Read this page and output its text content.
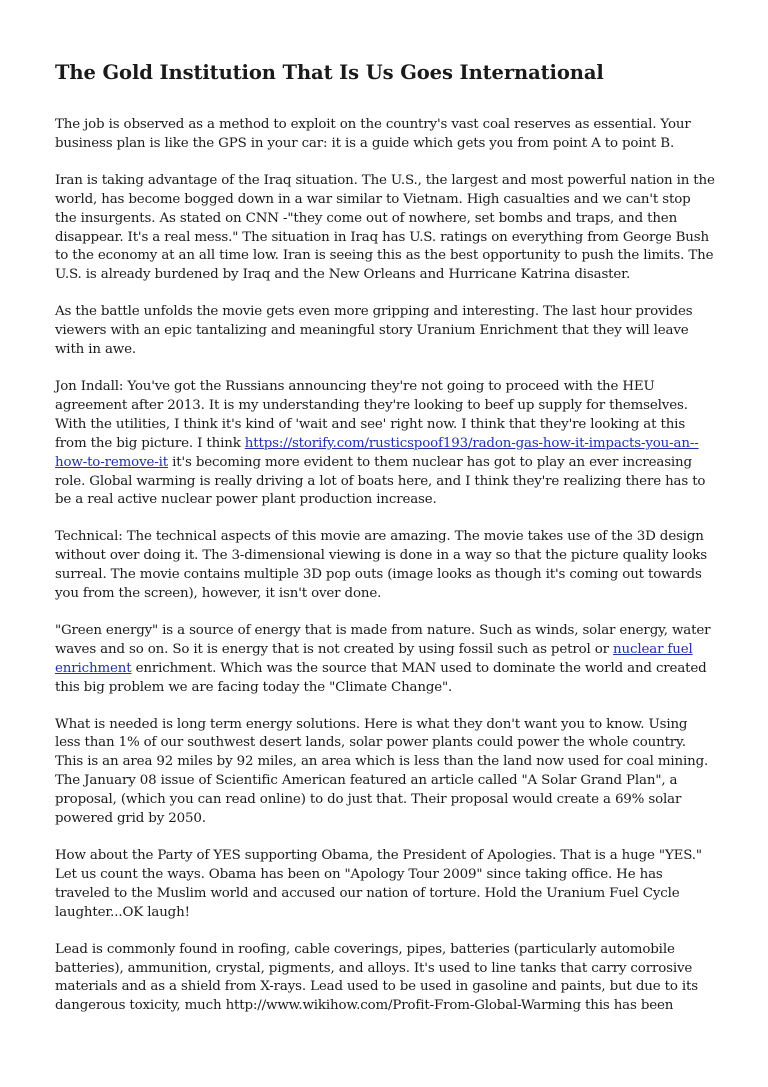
The Gold Institution That Is Us Goes International

The job is observed as a method to exploit on the country's vast coal reserves as essential. Your business plan is like the GPS in your car: it is a guide which gets you from point A to point B.

Iran is taking advantage of the Iraq situation. The U.S., the largest and most powerful nation in the world, has become bogged down in a war similar to Vietnam. High casualties and we can't stop the insurgents. As stated on CNN -"they come out of nowhere, set bombs and traps, and then disappear. It's a real mess." The situation in Iraq has U.S. ratings on everything from George Bush to the economy at an all time low. Iran is seeing this as the best opportunity to push the limits. The U.S. is already burdened by Iraq and the New Orleans and Hurricane Katrina disaster.

As the battle unfolds the movie gets even more gripping and interesting. The last hour provides viewers with an epic tantalizing and meaningful story Uranium Enrichment that they will leave with in awe.

Jon Indall: You've got the Russians announcing they're not going to proceed with the HEU agreement after 2013. It is my understanding they're looking to beef up supply for themselves. With the utilities, I think it's kind of 'wait and see' right now. I think that they're looking at this from the big picture. I think https://storify.com/rusticspoof193/radon-gas-how-it-impacts-you-an--how-to-remove-it it's becoming more evident to them nuclear has got to play an ever increasing role. Global warming is really driving a lot of boats here, and I think they're realizing there has to be a real active nuclear power plant production increase.

Technical: The technical aspects of this movie are amazing. The movie takes use of the 3D design without over doing it. The 3-dimensional viewing is done in a way so that the picture quality looks surreal. The movie contains multiple 3D pop outs (image looks as though it's coming out towards you from the screen), however, it isn't over done.

"Green energy" is a source of energy that is made from nature. Such as winds, solar energy, water waves and so on. So it is energy that is not created by using fossil such as petrol or nuclear fuel enrichment enrichment. Which was the source that MAN used to dominate the world and created this big problem we are facing today the "Climate Change".

What is needed is long term energy solutions. Here is what they don't want you to know. Using less than 1% of our southwest desert lands, solar power plants could power the whole country. This is an area 92 miles by 92 miles, an area which is less than the land now used for coal mining. The January 08 issue of Scientific American featured an article called "A Solar Grand Plan", a proposal, (which you can read online) to do just that. Their proposal would create a 69% solar powered grid by 2050.

How about the Party of YES supporting Obama, the President of Apologies. That is a huge "YES." Let us count the ways. Obama has been on "Apology Tour 2009" since taking office. He has traveled to the Muslim world and accused our nation of torture. Hold the Uranium Fuel Cycle laughter...OK laugh!

Lead is commonly found in roofing, cable coverings, pipes, batteries (particularly automobile batteries), ammunition, crystal, pigments, and alloys. It's used to line tanks that carry corrosive materials and as a shield from X-rays. Lead used to be used in gasoline and paints, but due to its dangerous toxicity, much http://www.wikihow.com/Profit-From-Global-Warming this has been
